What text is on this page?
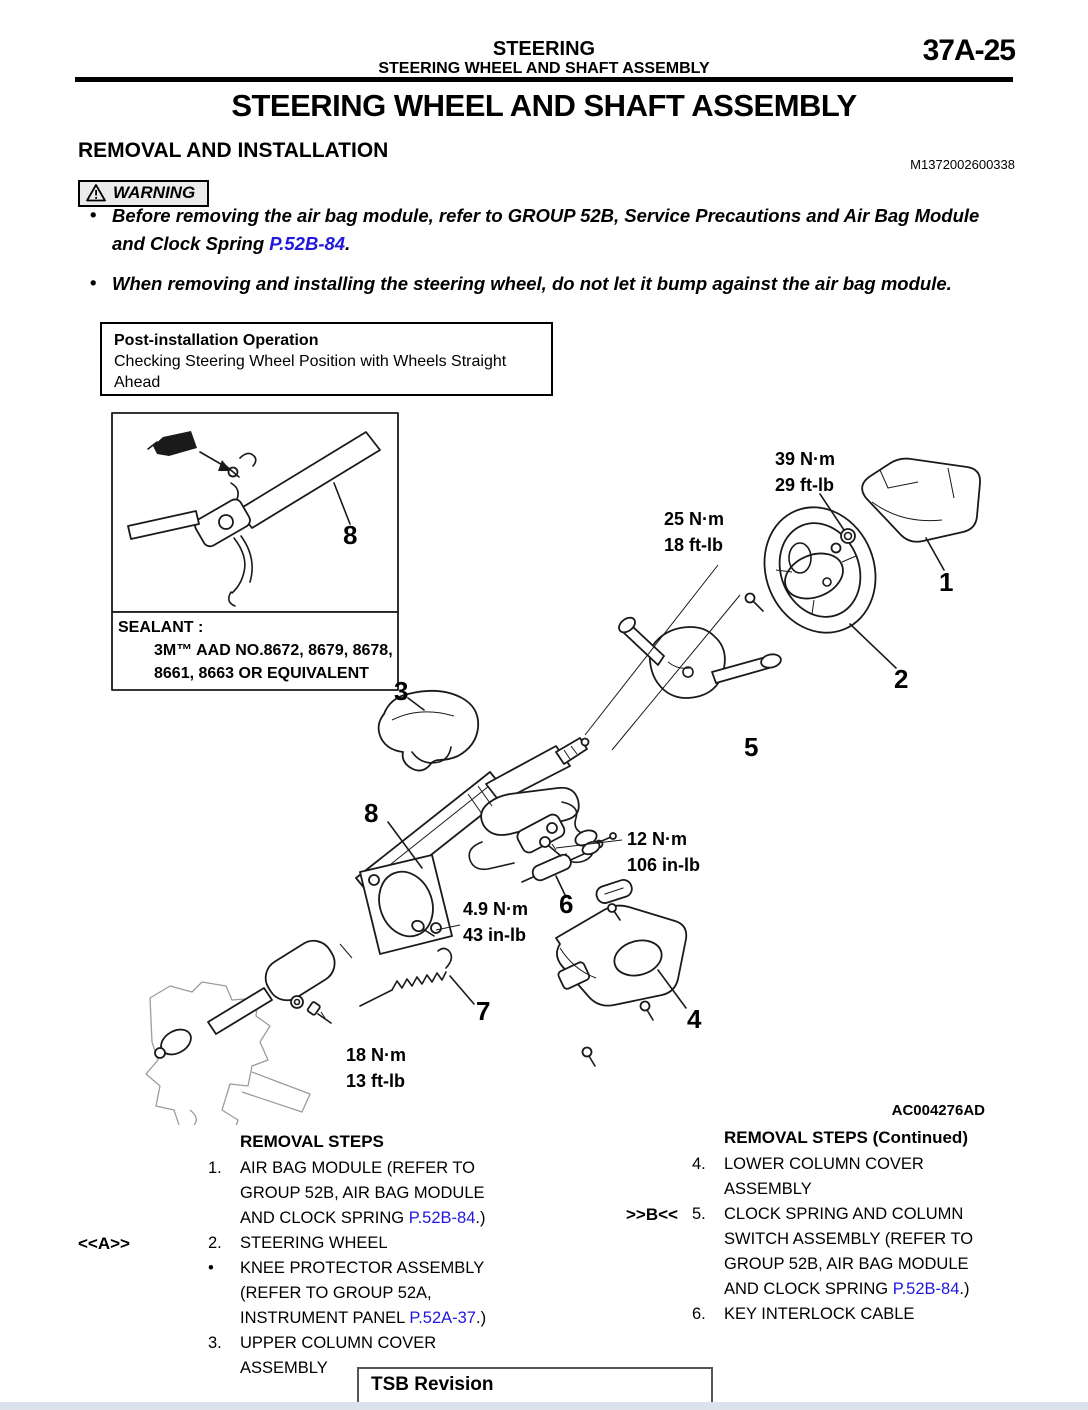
STEERING
STEERING WHEEL AND SHAFT ASSEMBLY
37A-25
STEERING WHEEL AND SHAFT ASSEMBLY
REMOVAL AND INSTALLATION
M1372002600338
WARNING
• Before removing the air bag module, refer to GROUP 52B, Service Precautions and Air Bag Module and Clock Spring P.52B-84.
• When removing and installing the steering wheel, do not let it bump against the air bag module.
Post-installation Operation
Checking Steering Wheel Position with Wheels Straight Ahead
8
1
2
3
5
8
6
7	4
39 N·m
29 ft-lb
25 N·m
18 ft-lb
12 N·m
106 in-lb
4.9 N·m
43 in-lb
18 N·m
13 ft-lb
SEALANT :
3M™ AAD NO.8672, 8679, 8678,
8661, 8663 OR EQUIVALENT
AC004276AD
REMOVAL STEPS
1.	AIR BAG MODULE (REFER TO GROUP 52B, AIR BAG MODULE AND CLOCK SPRING P.52B-84.)
<<A>>	2.	STEERING WHEEL
•	KNEE PROTECTOR ASSEMBLY (REFER TO GROUP 52A, INSTRUMENT PANEL P.52A-37.)
3.	UPPER COLUMN COVER ASSEMBLY
REMOVAL STEPS (Continued)
4.	LOWER COLUMN COVER ASSEMBLY
>>B<< 5.	CLOCK SPRING AND COLUMN SWITCH ASSEMBLY (REFER TO GROUP 52B, AIR BAG MODULE AND CLOCK SPRING P.52B-84.)
6.	KEY INTERLOCK CABLE
TSB Revision
